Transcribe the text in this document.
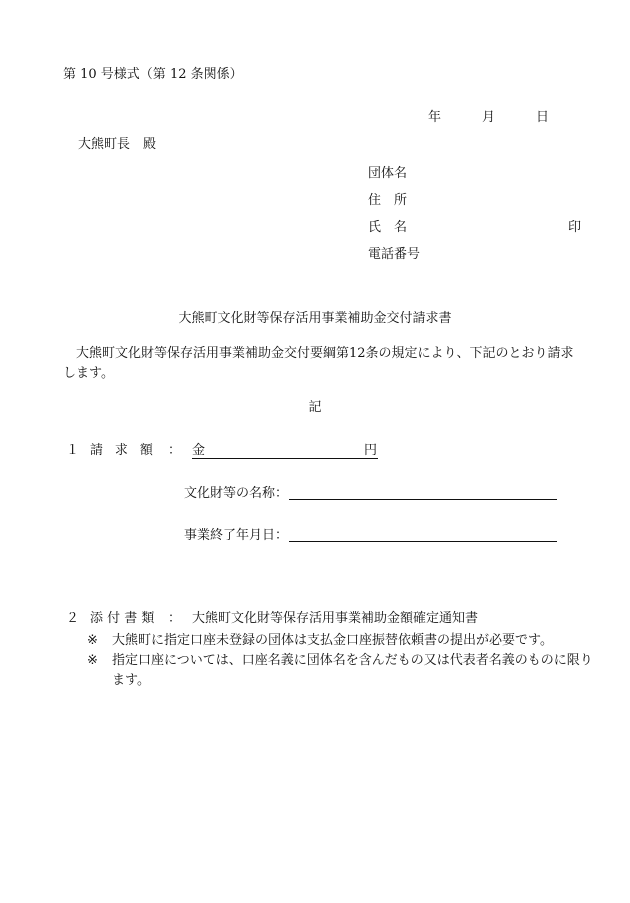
第 10 号様式（第 12 条関係）
年	月	日
大熊町長　殿
団体名
住　所
氏　名	印
電話番号
大熊町文化財等保存活用事業補助金交付請求書
大熊町文化財等保存活用事業補助金交付要綱第12条の規定により、下記のとおり請求します。
記
１ 請 求 額 ： 金	円
文化財等の名称：
事業終了年月日：
２ 添 付 書 類 ： 大熊町文化財等保存活用事業補助金額確定通知書
※	大熊町に指定口座未登録の団体は支払金口座振替依頼書の提出が必要です。
※	指定口座については、口座名義に団体名を含んだもの又は代表者名義のものに限ります。
